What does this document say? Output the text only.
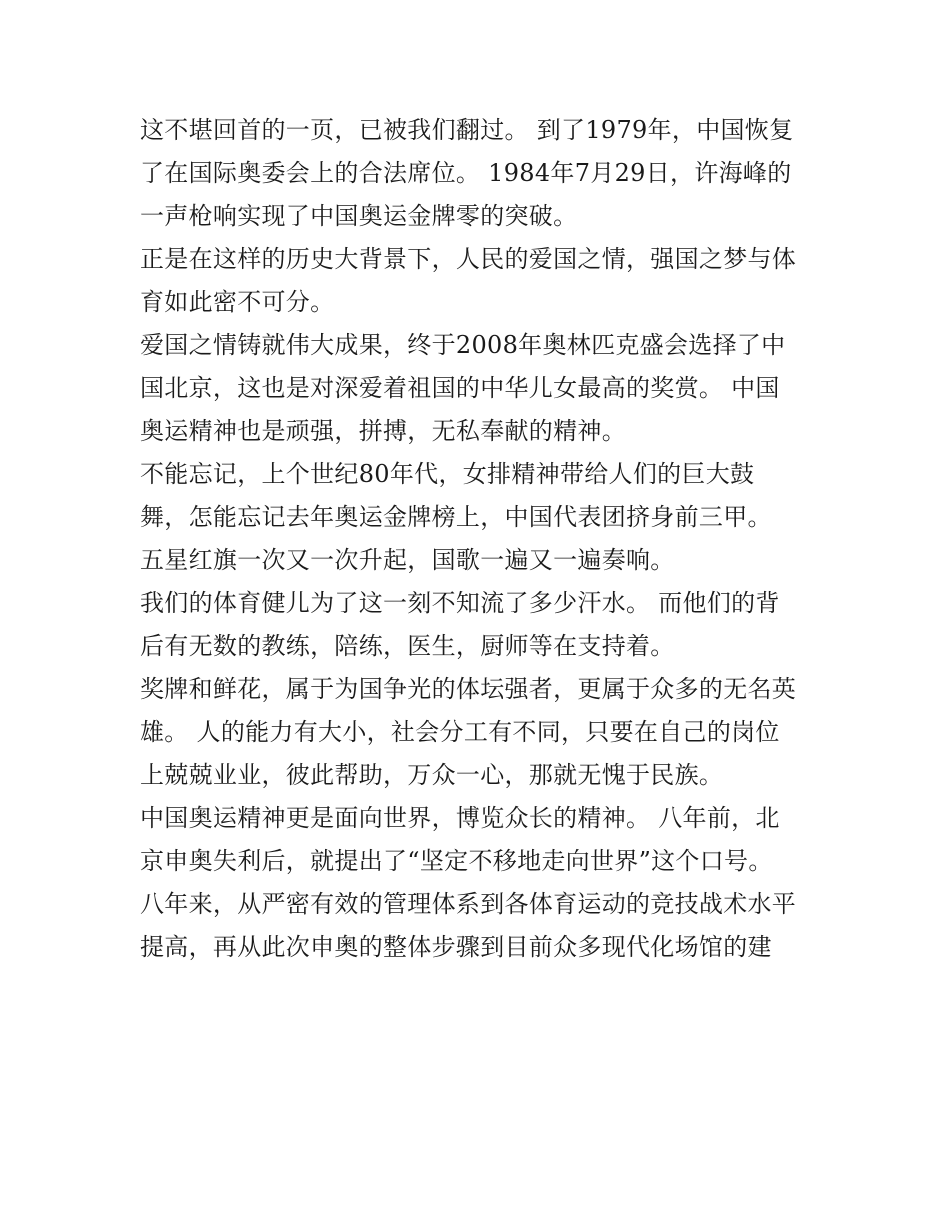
这不堪回首的一页，已被我们翻过。 到了1979年，中国恢复
了在国际奥委会上的合法席位。 1984年7月29日，许海峰的
一声枪响实现了中国奥运金牌零的突破。
正是在这样的历史大背景下，人民的爱国之情，强国之梦与体
育如此密不可分。
爱国之情铸就伟大成果，终于2008年奥林匹克盛会选择了中
国北京，这也是对深爱着祖国的中华儿女最高的奖赏。 中国
奥运精神也是顽强，拼搏，无私奉献的精神。
不能忘记，上个世纪80年代，女排精神带给人们的巨大鼓
舞，怎能忘记去年奥运金牌榜上，中国代表团挤身前三甲。
五星红旗一次又一次升起，国歌一遍又一遍奏响。
我们的体育健儿为了这一刻不知流了多少汗水。 而他们的背
后有无数的教练，陪练，医生，厨师等在支持着。
奖牌和鲜花，属于为国争光的体坛强者，更属于众多的无名英
雄。 人的能力有大小，社会分工有不同，只要在自己的岗位
上兢兢业业，彼此帮助，万众一心，那就无愧于民族。
中国奥运精神更是面向世界，博览众长的精神。 八年前，北
京申奥失利后，就提出了“坚定不移地走向世界”这个口号。
八年来，从严密有效的管理体系到各体育运动的竞技战术水平
提高，再从此次申奥的整体步骤到目前众多现代化场馆的建
